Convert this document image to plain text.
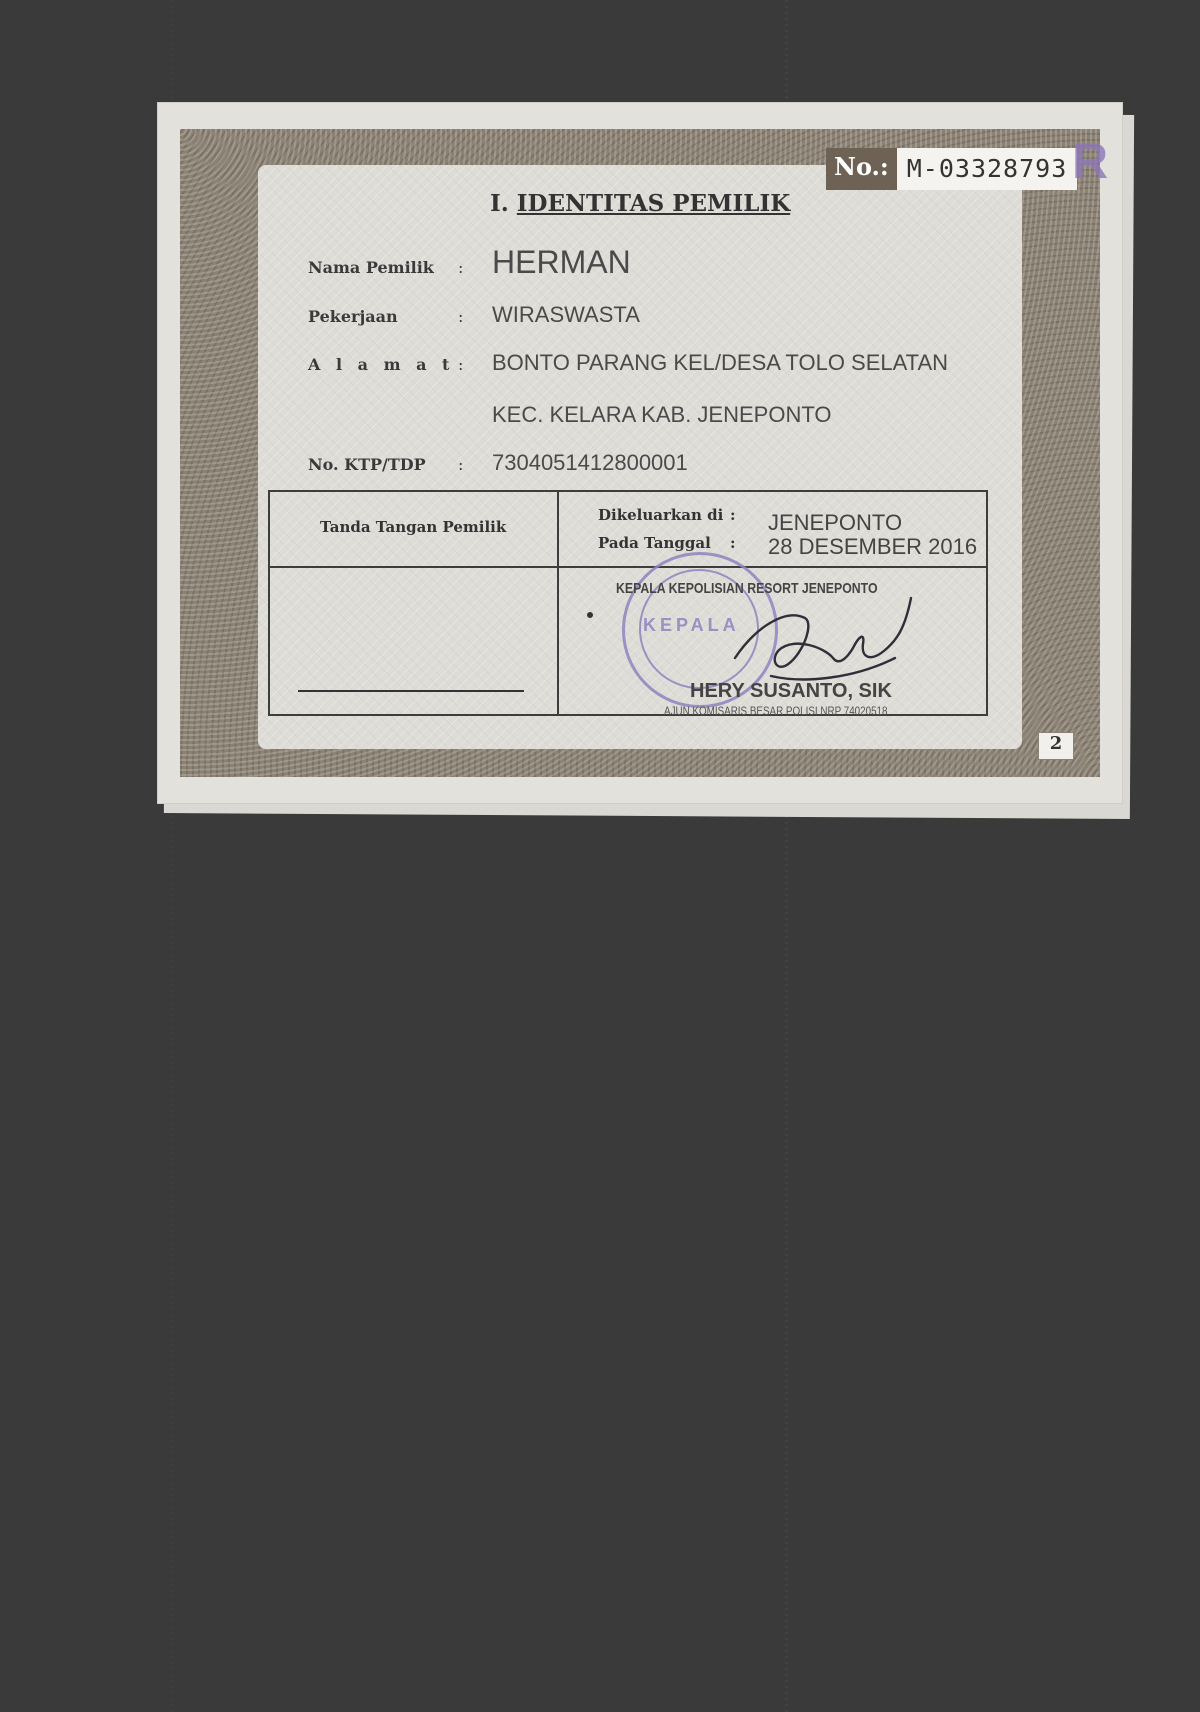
No.: M-03328793 R
I. IDENTITAS PEMILIK
Nama Pemilik	: HERMAN
Pekerjaan	:	WIRASWASTA
A l a m a t :	BONTO PARANG KEL/DESA TOLO SELATAN
KEC. KELARA KAB. JENEPONTO
No. KTP/TDP	:	7304051412800001
Tanda Tangan Pemilik
Dikeluarkan di : JENEPONTO
Pada Tanggal : 28 DESEMBER 2016
KEPALA
KEPALA KEPOLISIAN RESORT JENEPONTO
HERY SUSANTO, SIK
AJUN KOMISARIS BESAR POLISI NRP 74020518
2
